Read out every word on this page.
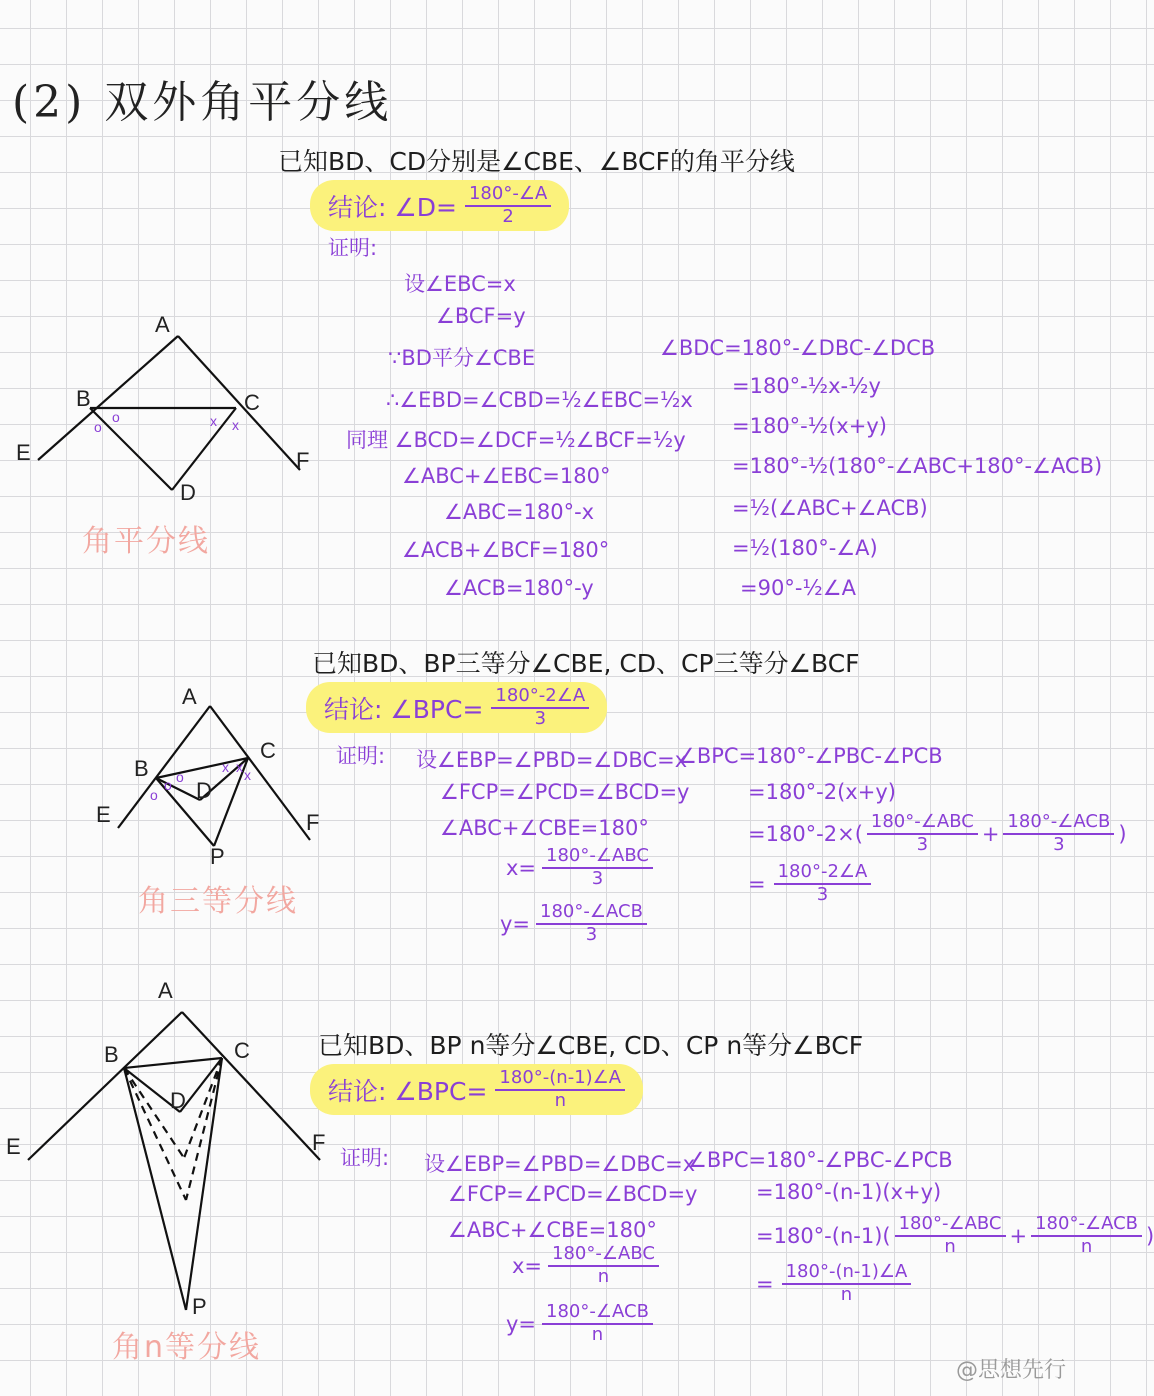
(2) 双外角平分线
o
o	x x
o
o o
x x x
A
B	C
D
E	F
角平分线
A
B
C
D
E	F
P
角三等分线
A
B	C
D
E	F
P
角n等分线
已知BD、CD分别是∠CBE、∠BCF的角平分线
结论: ∠D= $\frac{180^\circ-\angle A}{2}$
证明:
设∠EBC=x
∠BCF=y
∵BD平分∠CBE
∴∠EBD=∠CBD=½∠EBC=½x
同理 ∠BCD=∠DCF=½∠BCF=½y
∠ABC+∠EBC=180°
∠ABC=180°-x
∠ACB+∠BCF=180°
∠ACB=180°-y
∠BDC=180°-∠DBC-∠DCB
=180°-½x-½y
=180°-½(x+y)
=180°-½(180°-∠ABC+180°-∠ACB)
=½(∠ABC+∠ACB)
=½(180°-∠A)
=90°-½∠A
已知BD、BP三等分∠CBE, CD、CP三等分∠BCF
结论: ∠BPC= $\frac{180^\circ-2\angle A}{3}$
证明: 设∠EBP=∠PBD=∠DBC=x
∠FCP=∠PCD=∠BCD=y
∠ABC+∠CBE=180°
$x= \frac{\text{180°-∠ABC}}{3}$
$y= \frac{\text{180°-∠ACB}}{3}$
∠BPC=180°-∠PBC-∠PCB
=180°-2(x+y)
$=180^\circ-2\times( \frac{\text{180°-∠ABC}}{3} + \frac{\text{180°-∠ACB}}{3}$ )
= $\frac{180^\circ-2\angle A}{3}$
已知BD、BP n等分∠CBE, CD、CP n等分∠BCF
结论: ∠BPC= $\frac{180^\circ-(n-1)\angle A}{n}$
证明: 设∠EBP=∠PBD=∠DBC=x
∠FCP=∠PCD=∠BCD=y
∠ABC+∠CBE=180°
$x= \frac{\text{180°-∠ABC}}{n}$
$y= \frac{\text{180°-∠ACB}}{n}$
∠BPC=180°-∠PBC-∠PCB
=180°-(n-1)(x+y)
$=180^\circ-(n-1)( \frac{\text{180°-∠ABC}}{n} + \frac{\text{180°-∠ACB}}{n}$ )
= $\frac{180^\circ-(n-1)\angle A}{n}$
@思想先行
